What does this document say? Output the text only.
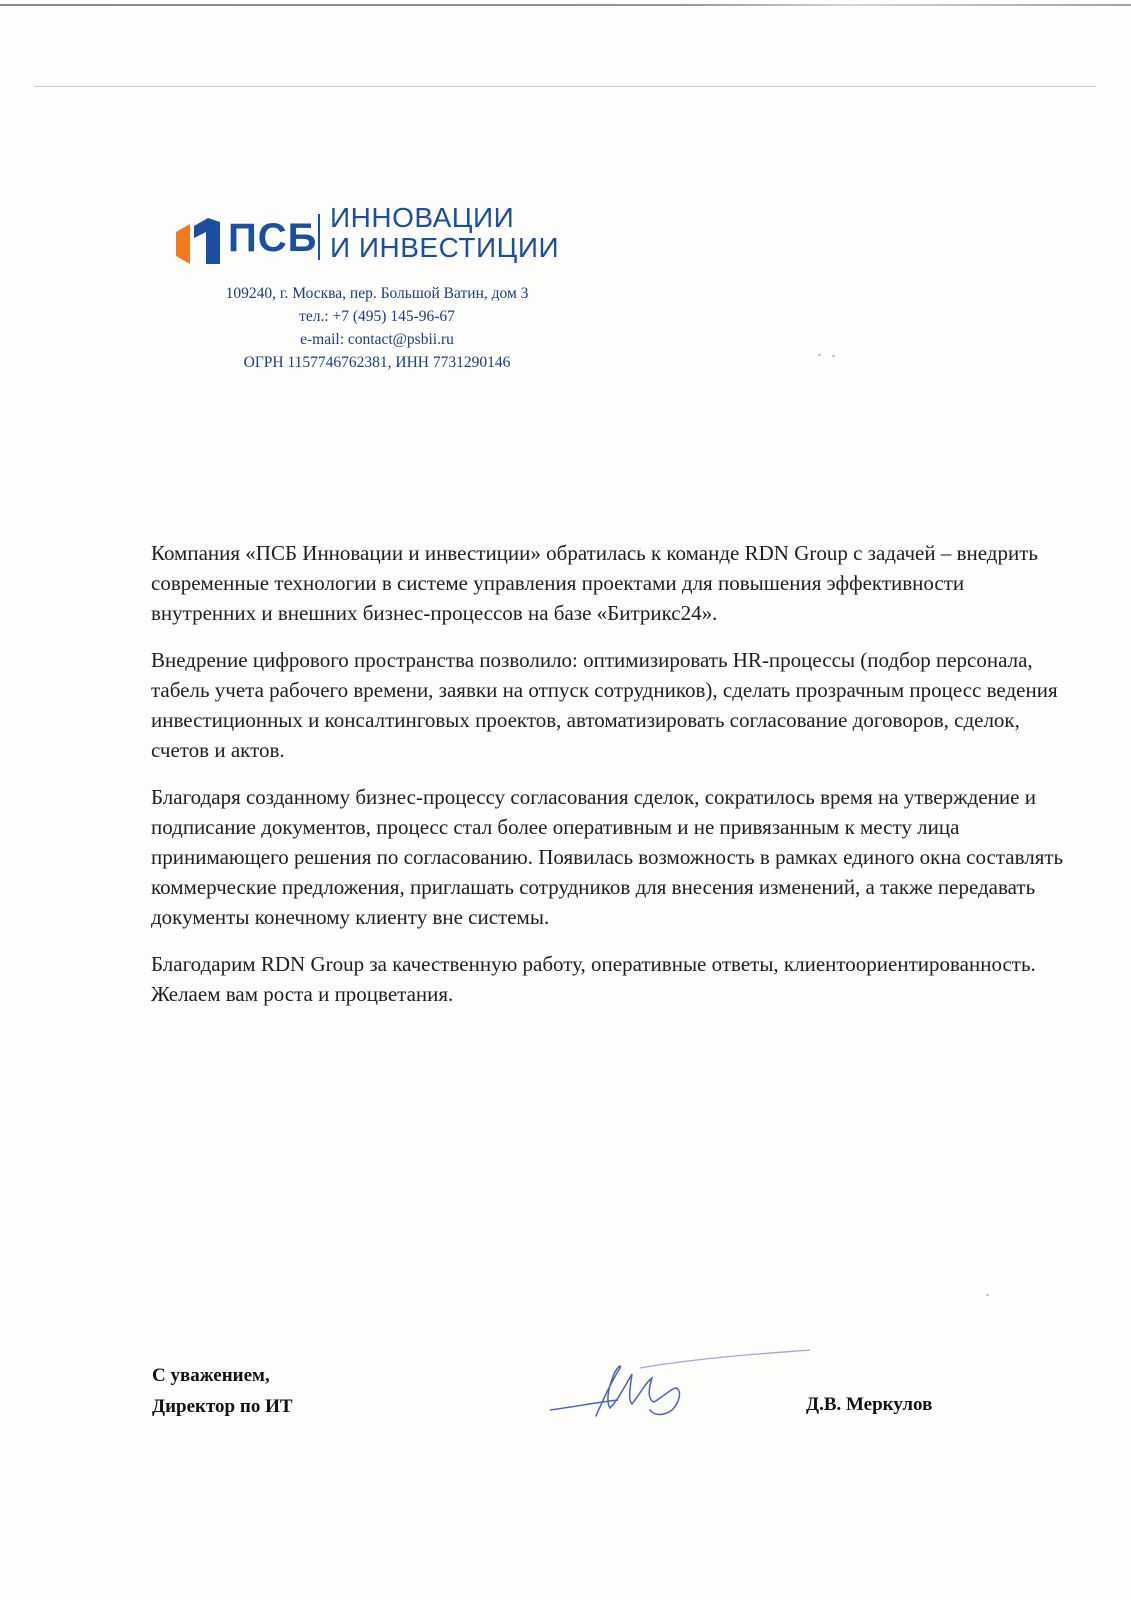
ПСБ ИННОВАЦИИ
И ИНВЕСТИЦИИ
109240, г. Москва, пер. Большой Ватин, дом 3
тел.: +7 (495) 145-96-67
e-mail: contact@psbii.ru
ОГРН 1157746762381, ИНН 7731290146

Компания «ПСБ Инновации и инвестиции» обратилась к команде RDN Group с задачей – внедрить современные технологии в системе управления проектами для повышения эффективности внутренних и внешних бизнес-процессов на базе «Битрикс24».

Внедрение цифрового пространства позволило: оптимизировать HR-процессы (подбор персонала, табель учета рабочего времени, заявки на отпуск сотрудников), сделать прозрачным процесс ведения инвестиционных и консалтинговых проектов, автоматизировать согласование договоров, сделок, счетов и актов.

Благодаря созданному бизнес-процессу согласования сделок, сократилось время на утверждение и подписание документов, процесс стал более оперативным и не привязанным к месту лица принимающего решения по согласованию. Появилась возможность в рамках единого окна составлять коммерческие предложения, приглашать сотрудников для внесения изменений, а также передавать документы конечному клиенту вне системы.

Благодарим RDN Group за качественную работу, оперативные ответы, клиентоориентированность. Желаем вам роста и процветания.

С уважением,
Директор по ИТ	Д.В. Меркулов
